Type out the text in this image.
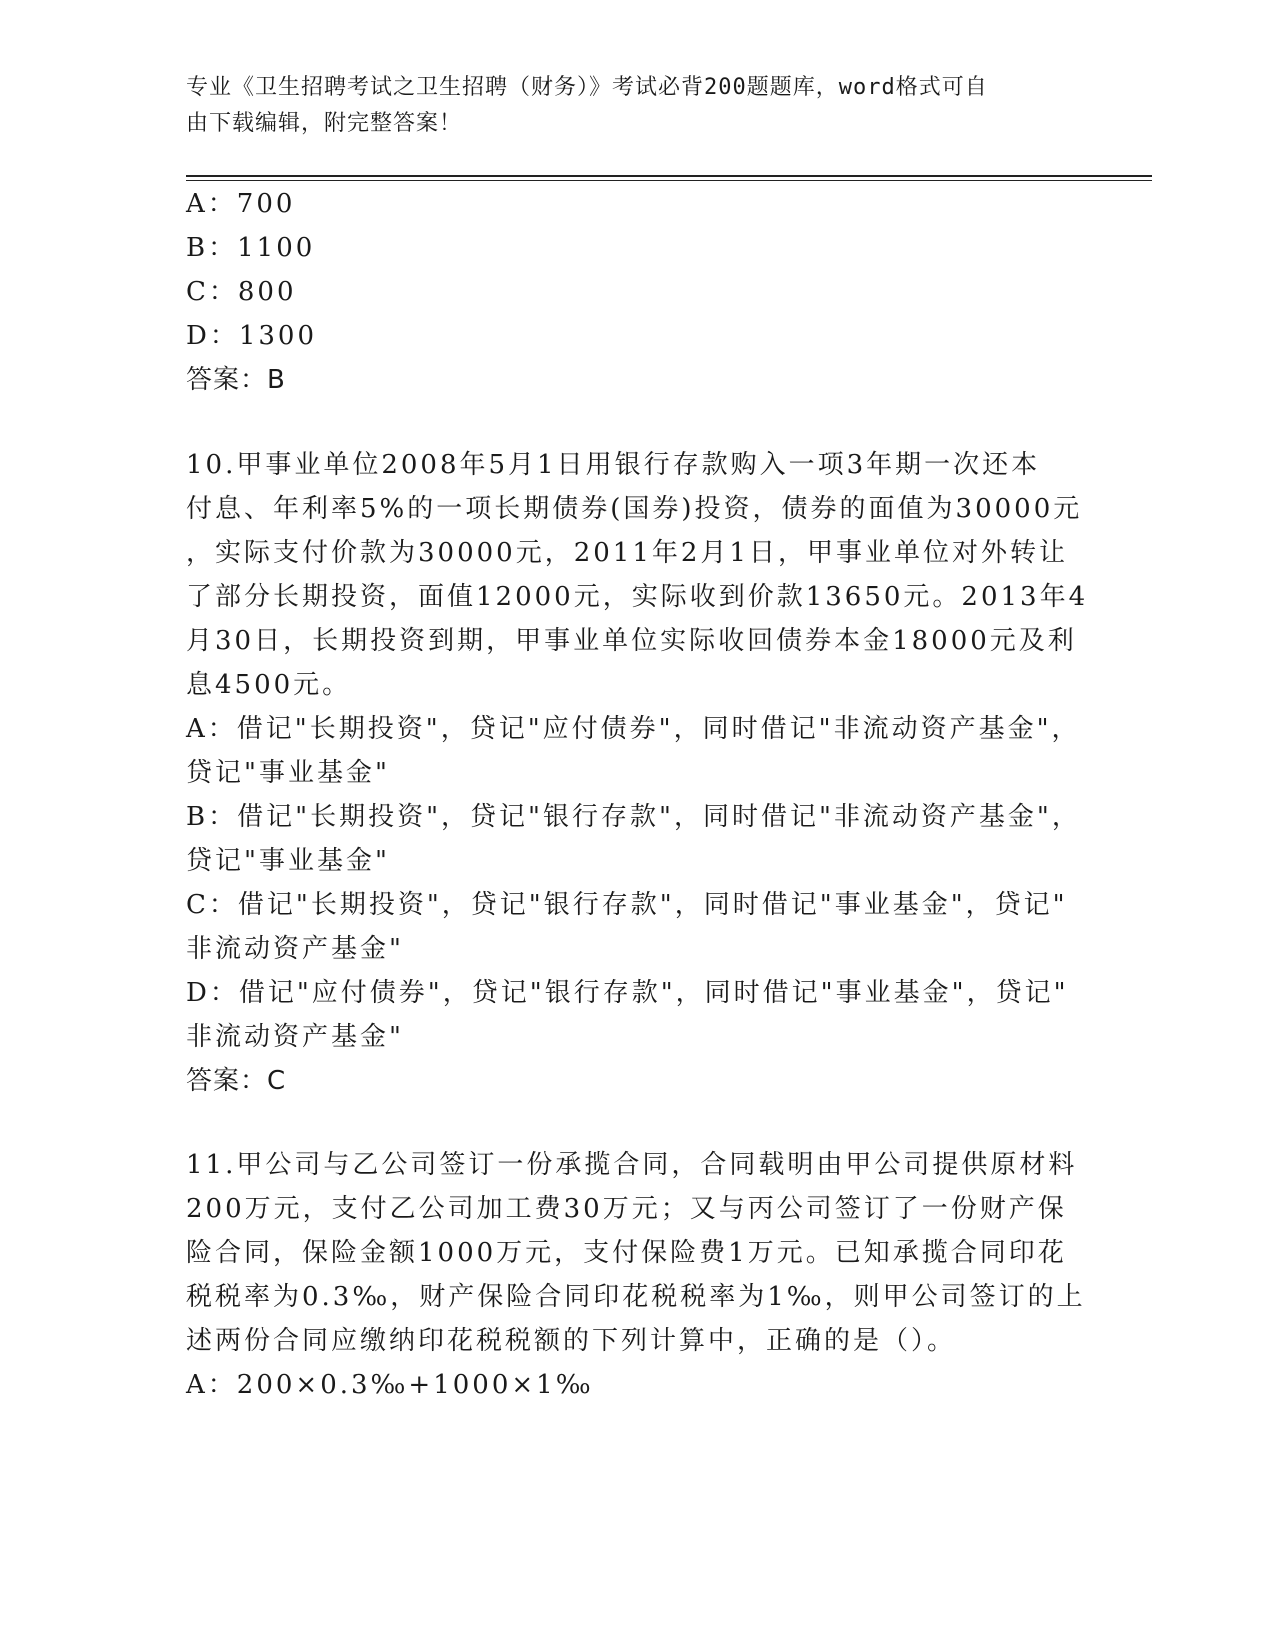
专业《卫生招聘考试之卫生招聘（财务）》考试必背200题题库，word格式可自
由下载编辑，附完整答案！
A：700
B：1100
C：800
D：1300
答案：B
10.甲事业单位2008年5月1日用银行存款购入一项3年期一次还本
付息、年利率5%的一项长期债券(国券)投资，债券的面值为30000元
，实际支付价款为30000元，2011年2月1日，甲事业单位对外转让
了部分长期投资，面值12000元，实际收到价款13650元。2013年4
月30日，长期投资到期，甲事业单位实际收回债券本金18000元及利
息4500元。
A：借记"长期投资"，贷记"应付债券"，同时借记"非流动资产基金"，
贷记"事业基金"
B：借记"长期投资"，贷记"银行存款"，同时借记"非流动资产基金"，
贷记"事业基金"
C：借记"长期投资"，贷记"银行存款"，同时借记"事业基金"，贷记"
非流动资产基金"
D：借记"应付债券"，贷记"银行存款"，同时借记"事业基金"，贷记"
非流动资产基金"
答案：C
11.甲公司与乙公司签订一份承揽合同，合同载明由甲公司提供原材料
200万元，支付乙公司加工费30万元；又与丙公司签订了一份财产保
险合同，保险金额1000万元，支付保险费1万元。已知承揽合同印花
税税率为0.3‰，财产保险合同印花税税率为1‰，则甲公司签订的上
述两份合同应缴纳印花税税额的下列计算中，正确的是（）。
A：200×0.3‰+1000×1‰
